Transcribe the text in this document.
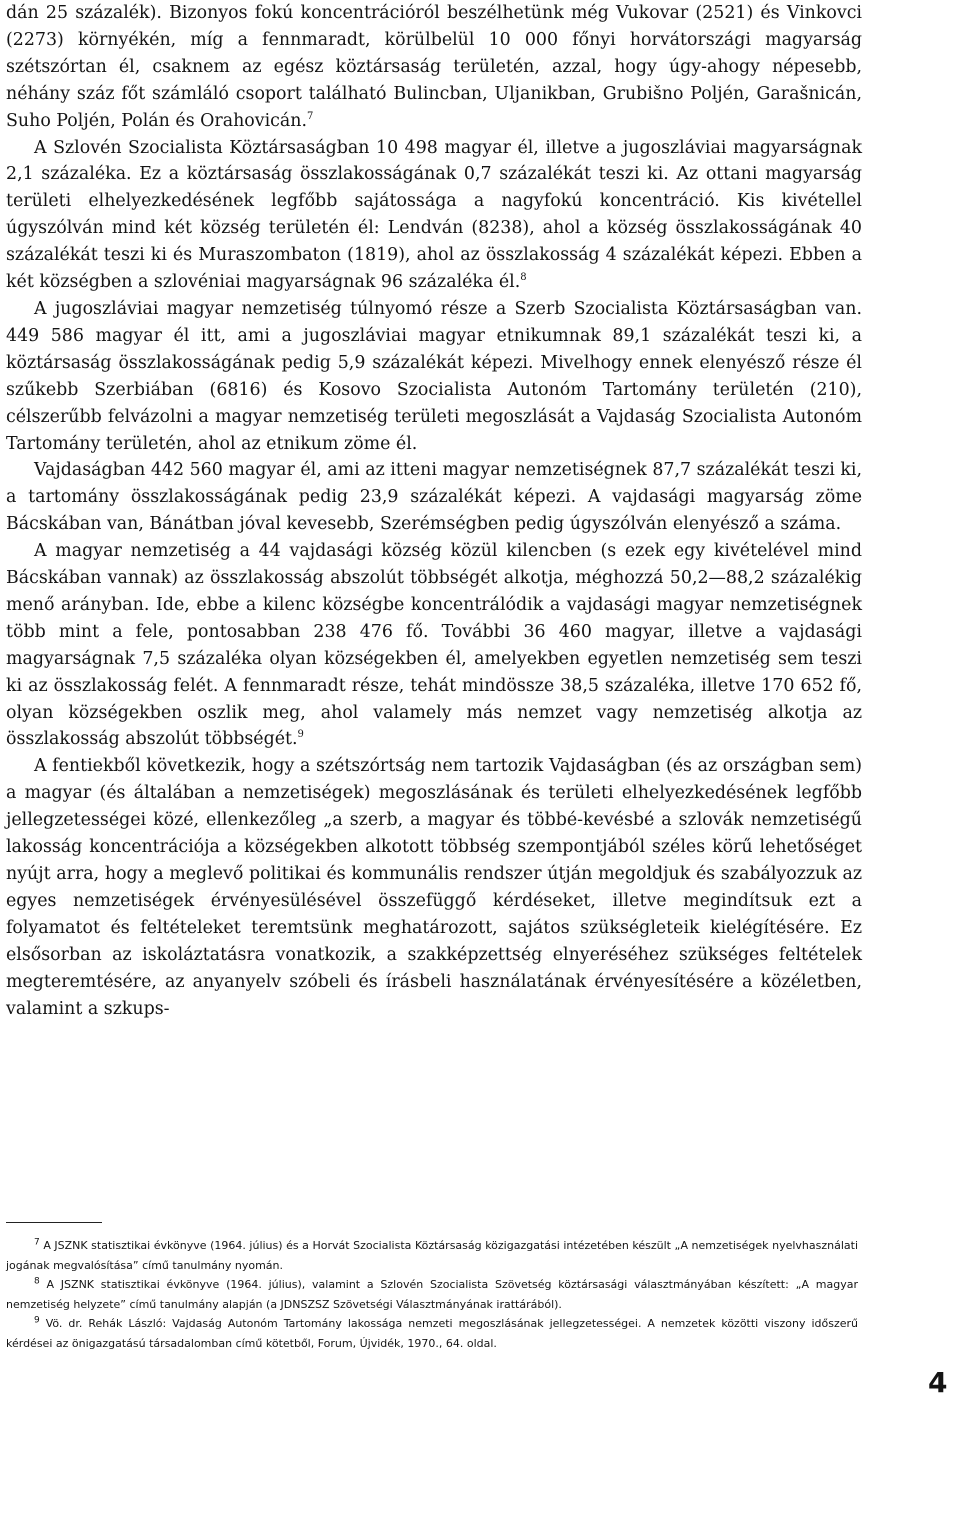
dán 25 százalék). Bizonyos fokú koncentrációról beszélhetünk még Vukovar (2521) és Vinkovci (2273) környékén, míg a fennmaradt, körülbelül 10 000 főnyi horvátországi magyarság szétszórtan él, csaknem az egész köztársaság területén, azzal, hogy úgy-ahogy népesebb, néhány száz főt számláló csoport található Bulincban, Uljanikban, Grubišno Poljén, Garašnicán, Suho Poljén, Polán és Orahovicán.$^7$

A Szlovén Szocialista Köztársaságban 10 498 magyar él, illetve a jugoszláviai magyarságnak 2,1 százaléka. Ez a köztársaság összlakosságának 0,7 százalékát teszi ki. Az ottani magyarság területi elhelyezkedésének legfőbb sajátossága a nagyfokú koncentráció. Kis kivétellel úgyszólván mind két község területén él: Lendván (8238), ahol a község összlakosságának 40 százalékát teszi ki és Muraszombaton (1819), ahol az összlakosság 4 százalékát képezi. Ebben a két községben a szlovéniai magyarságnak 96 százaléka él.$^8$

A jugoszláviai magyar nemzetiség túlnyomó része a Szerb Szocialista Köztársaságban van. 449 586 magyar él itt, ami a jugoszláviai magyar etnikumnak 89,1 százalékát teszi ki, a köztársaság összlakosságának pedig 5,9 százalékát képezi. Mivelhogy ennek elenyésző része él szűkebb Szerbiában (6816) és Kosovo Szocialista Autonóm Tartomány területén (210), célszerűbb felvázolni a magyar nemzetiség területi megoszlását a Vajdaság Szocialista Autonóm Tartomány területén, ahol az etnikum zöme él.

Vajdaságban 442 560 magyar él, ami az itteni magyar nemzetiségnek 87,7 százalékát teszi ki, a tartomány összlakosságának pedig 23,9 százalékát képezi. A vajdasági magyarság zöme Bácskában van, Bánátban jóval kevesebb, Szerémségben pedig úgyszólván elenyésző a száma.

A magyar nemzetiség a 44 vajdasági község közül kilencben (s ezek egy kivételével mind Bácskában vannak) az összlakosság abszolút többségét alkotja, méghozzá 50,2—88,2 százalékig menő arányban. Ide, ebbe a kilenc községbe koncentrálódik a vajdasági magyar nemzetiségnek több mint a fele, pontosabban 238 476 fő. További 36 460 magyar, illetve a vajdasági magyarságnak 7,5 százaléka olyan községekben él, amelyekben egyetlen nemzetiség sem teszi ki az összlakosság felét. A fennmaradt része, tehát mindössze 38,5 százaléka, illetve 170 652 fő, olyan községekben oszlik meg, ahol valamely más nemzet vagy nemzetiség alkotja az összlakosság abszolút többségét.$^9$

A fentiekből következik, hogy a szétszórtság nem tartozik Vajdaságban (és az országban sem) a magyar (és általában a nemzetiségek) megoszlásának és területi elhelyezkedésének legfőbb jellegzetességei közé, ellenkezőleg „a szerb, a magyar és többé-kevésbé a szlovák nemzetiségű lakosság koncentrációja a községekben alkotott többség szempontjából széles körű lehetőséget nyújt arra, hogy a meglevő politikai és kommunális rendszer útján megoldjuk és szabályozzuk az egyes nemzetiségek érvényesülésével összefüggő kérdéseket, illetve megindítsuk ezt a folyamatot és feltételeket teremtsünk meghatározott, sajátos szükségleteik kielégítésére. Ez elsősorban az iskoláztatásra vonatkozik, a szakképzettség elnyeréséhez szükséges feltételek megteremtésére, az anyanyelv szóbeli és írásbeli használatának érvényesítésére a közéletben, valamint a szkups-

$^7$ A JSZNK statisztikai évkönyve (1964. július) és a Horvát Szocialista Köztársaság közigazgatási intézetében készült „A nemzetiségek nyelvhasználati jogának megvalósítása” című tanulmány nyomán.

$^8$ A JSZNK statisztikai évkönyve (1964. július), valamint a Szlovén Szocialista Szövetség köztársasági választmányában készített: „A magyar nemzetiség helyzete” című tanulmány alapján (a JDNSZSZ Szövetségi Választmányának irattárából).

$^9$ Vö. dr. Rehák László: Vajdaság Autonóm Tartomány lakossága nemzeti megoszlásának jellegzetességei. A nemzetek közötti viszony időszerű kérdései az önigazgatású társadalomban című kötetből, Forum, Újvidék, 1970., 64. oldal.

4
